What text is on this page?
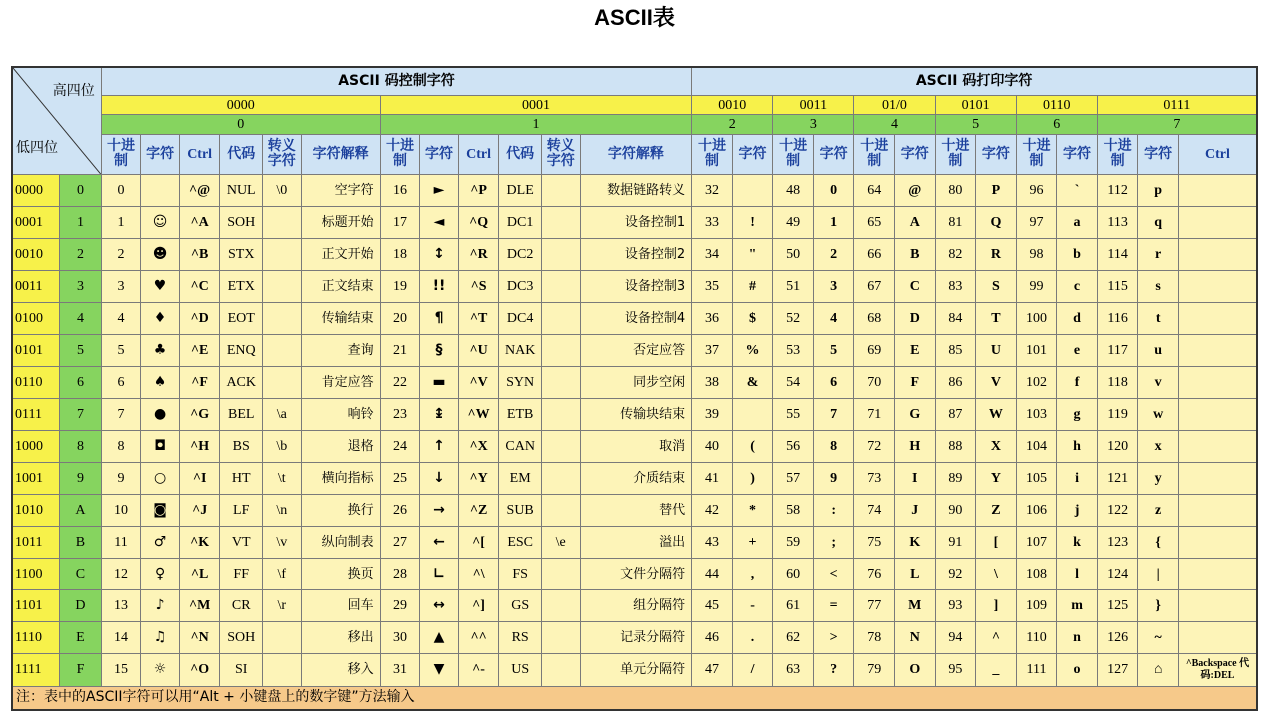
ASCII表
高四位
低四位		ASCII 码控制字符												ASCII 码打印字符												
		0000						0001						0010		0011		01/0		0101		0110		0111		
		0						1						2		3		4		5		6		7		
		十进制	字符	Ctrl	代码	转义字符	字符解释	十进制	字符	Ctrl	代码	转义字符	字符解释	十进制	字符	十进制	字符	十进制	字符	十进制	字符	十进制	字符	十进制	字符	Ctrl
0000	0	0		^@	NUL	\0	空字符	16	►	^P	DLE		数据链路转义	32		48	0	64	@	80	P	96	`	112	p	
0001	1	1	☺	^A	SOH		标题开始	17	◄	^Q	DC1		设备控制1	33	!	49	1	65	A	81	Q	97	a	113	q	
0010	2	2	☻	^B	STX		正文开始	18	↕	^R	DC2		设备控制2	34	"	50	2	66	B	82	R	98	b	114	r	
0011	3	3	♥	^C	ETX		正文结束	19	!!	^S	DC3		设备控制3	35	#	51	3	67	C	83	S	99	c	115	s	
0100	4	4	♦	^D	EOT		传输结束	20	¶	^T	DC4		设备控制4	36	$	52	4	68	D	84	T	100	d	116	t	
0101	5	5	♣	^E	ENQ		查询	21	§	^U	NAK		否定应答	37	%	53	5	69	E	85	U	101	e	117	u	
0110	6	6	♠	^F	ACK		肯定应答	22	▬	^V	SYN		同步空闲	38	&	54	6	70	F	86	V	102	f	118	v	
0111	7	7	●	^G	BEL	\a	响铃	23	↨	^W	ETB		传输块结束	39		55	7	71	G	87	W	103	g	119	w	
1000	8	8	◘	^H	BS	\b	退格	24	↑	^X	CAN		取消	40	(	56	8	72	H	88	X	104	h	120	x	
1001	9	9	○	^I	HT	\t	横向指标	25	↓	^Y	EM		介质结束	41	)	57	9	73	I	89	Y	105	i	121	y	
1010	A	10	◙	^J	LF	\n	换行	26	→	^Z	SUB		替代	42	*	58	:	74	J	90	Z	106	j	122	z	
1011	B	11	♂	^K	VT	\v	纵向制表	27	←	^[	ESC	\e	溢出	43	+	59	;	75	K	91	[	107	k	123	{	
1100	C	12	♀	^L	FF	\f	换页	28	∟	^\	FS		文件分隔符	44	,	60	<	76	L	92	\	108	l	124	|	
1101	D	13	♪	^M	CR	\r	回车	29	↔	^]	GS		组分隔符	45	-	61	=	77	M	93	]	109	m	125	}	
1110	E	14	♫	^N	SOH		移出	30	▲	^^	RS		记录分隔符	46	.	62	>	78	N	94	^	110	n	126	~	
1111	F	15	☼	^O	SI		移入	31	▼	^-	US		单元分隔符	47	/	63	?	79	O	95	_	111	o	127	⌂	^Backspace 代码:DEL
注：表中的ASCII字符可以用“Alt + 小键盘上的数字键”方法输入																										
